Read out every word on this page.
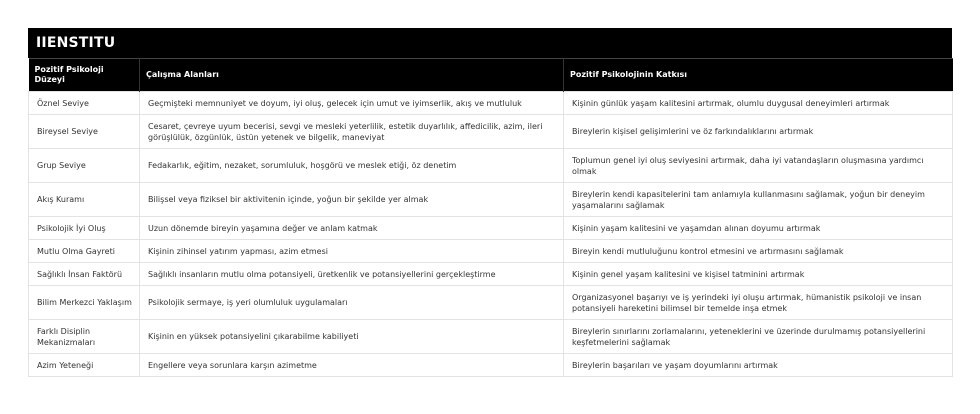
IIENSTITU
Pozitif Psikoloji Düzeyi	Çalışma Alanları	Pozitif Psikolojinin Katkısı
Öznel Seviye	Geçmişteki memnuniyet ve doyum, iyi oluş, gelecek için umut ve iyimserlik, akış ve mutluluk	Kişinin günlük yaşam kalitesini artırmak, olumlu duygusal deneyimleri artırmak
Bireysel Seviye	Cesaret, çevreye uyum becerisi, sevgi ve mesleki yeterlilik, estetik duyarlılık, affedicilik, azim, ileri görüşlülük, özgünlük, üstün yetenek ve bilgelik, maneviyat	Bireylerin kişisel gelişimlerini ve öz farkındalıklarını artırmak
Grup Seviye	Fedakarlık, eğitim, nezaket, sorumluluk, hoşgörü ve meslek etiği, öz denetim	Toplumun genel iyi oluş seviyesini artırmak, daha iyi vatandaşların oluşmasına yardımcı olmak
Akış Kuramı	Bilişsel veya fiziksel bir aktivitenin içinde, yoğun bir şekilde yer almak	Bireylerin kendi kapasitelerini tam anlamıyla kullanmasını sağlamak, yoğun bir deneyim yaşamalarını sağlamak
Psikolojik İyi Oluş	Uzun dönemde bireyin yaşamına değer ve anlam katmak	Kişinin yaşam kalitesini ve yaşamdan alınan doyumu artırmak
Mutlu Olma Gayreti	Kişinin zihinsel yatırım yapması, azim etmesi	Bireyin kendi mutluluğunu kontrol etmesini ve artırmasını sağlamak
Sağlıklı İnsan Faktörü	Sağlıklı insanların mutlu olma potansiyeli, üretkenlik ve potansiyellerini gerçekleştirme	Kişinin genel yaşam kalitesini ve kişisel tatminini artırmak
Bilim Merkezci Yaklaşım	Psikolojik sermaye, iş yeri olumluluk uygulamaları	Organizasyonel başarıyı ve iş yerindeki iyi oluşu artırmak, hümanistik psikoloji ve insan potansiyeli hareketini bilimsel bir temelde inşa etmek
Farklı Disiplin Mekanizmaları	Kişinin en yüksek potansiyelini çıkarabilme kabiliyeti	Bireylerin sınırlarını zorlamalarını, yeteneklerini ve üzerinde durulmamış potansiyellerini keşfetmelerini sağlamak
Azim Yeteneği	Engellere veya sorunlara karşın azimetme	Bireylerin başarıları ve yaşam doyumlarını artırmak
